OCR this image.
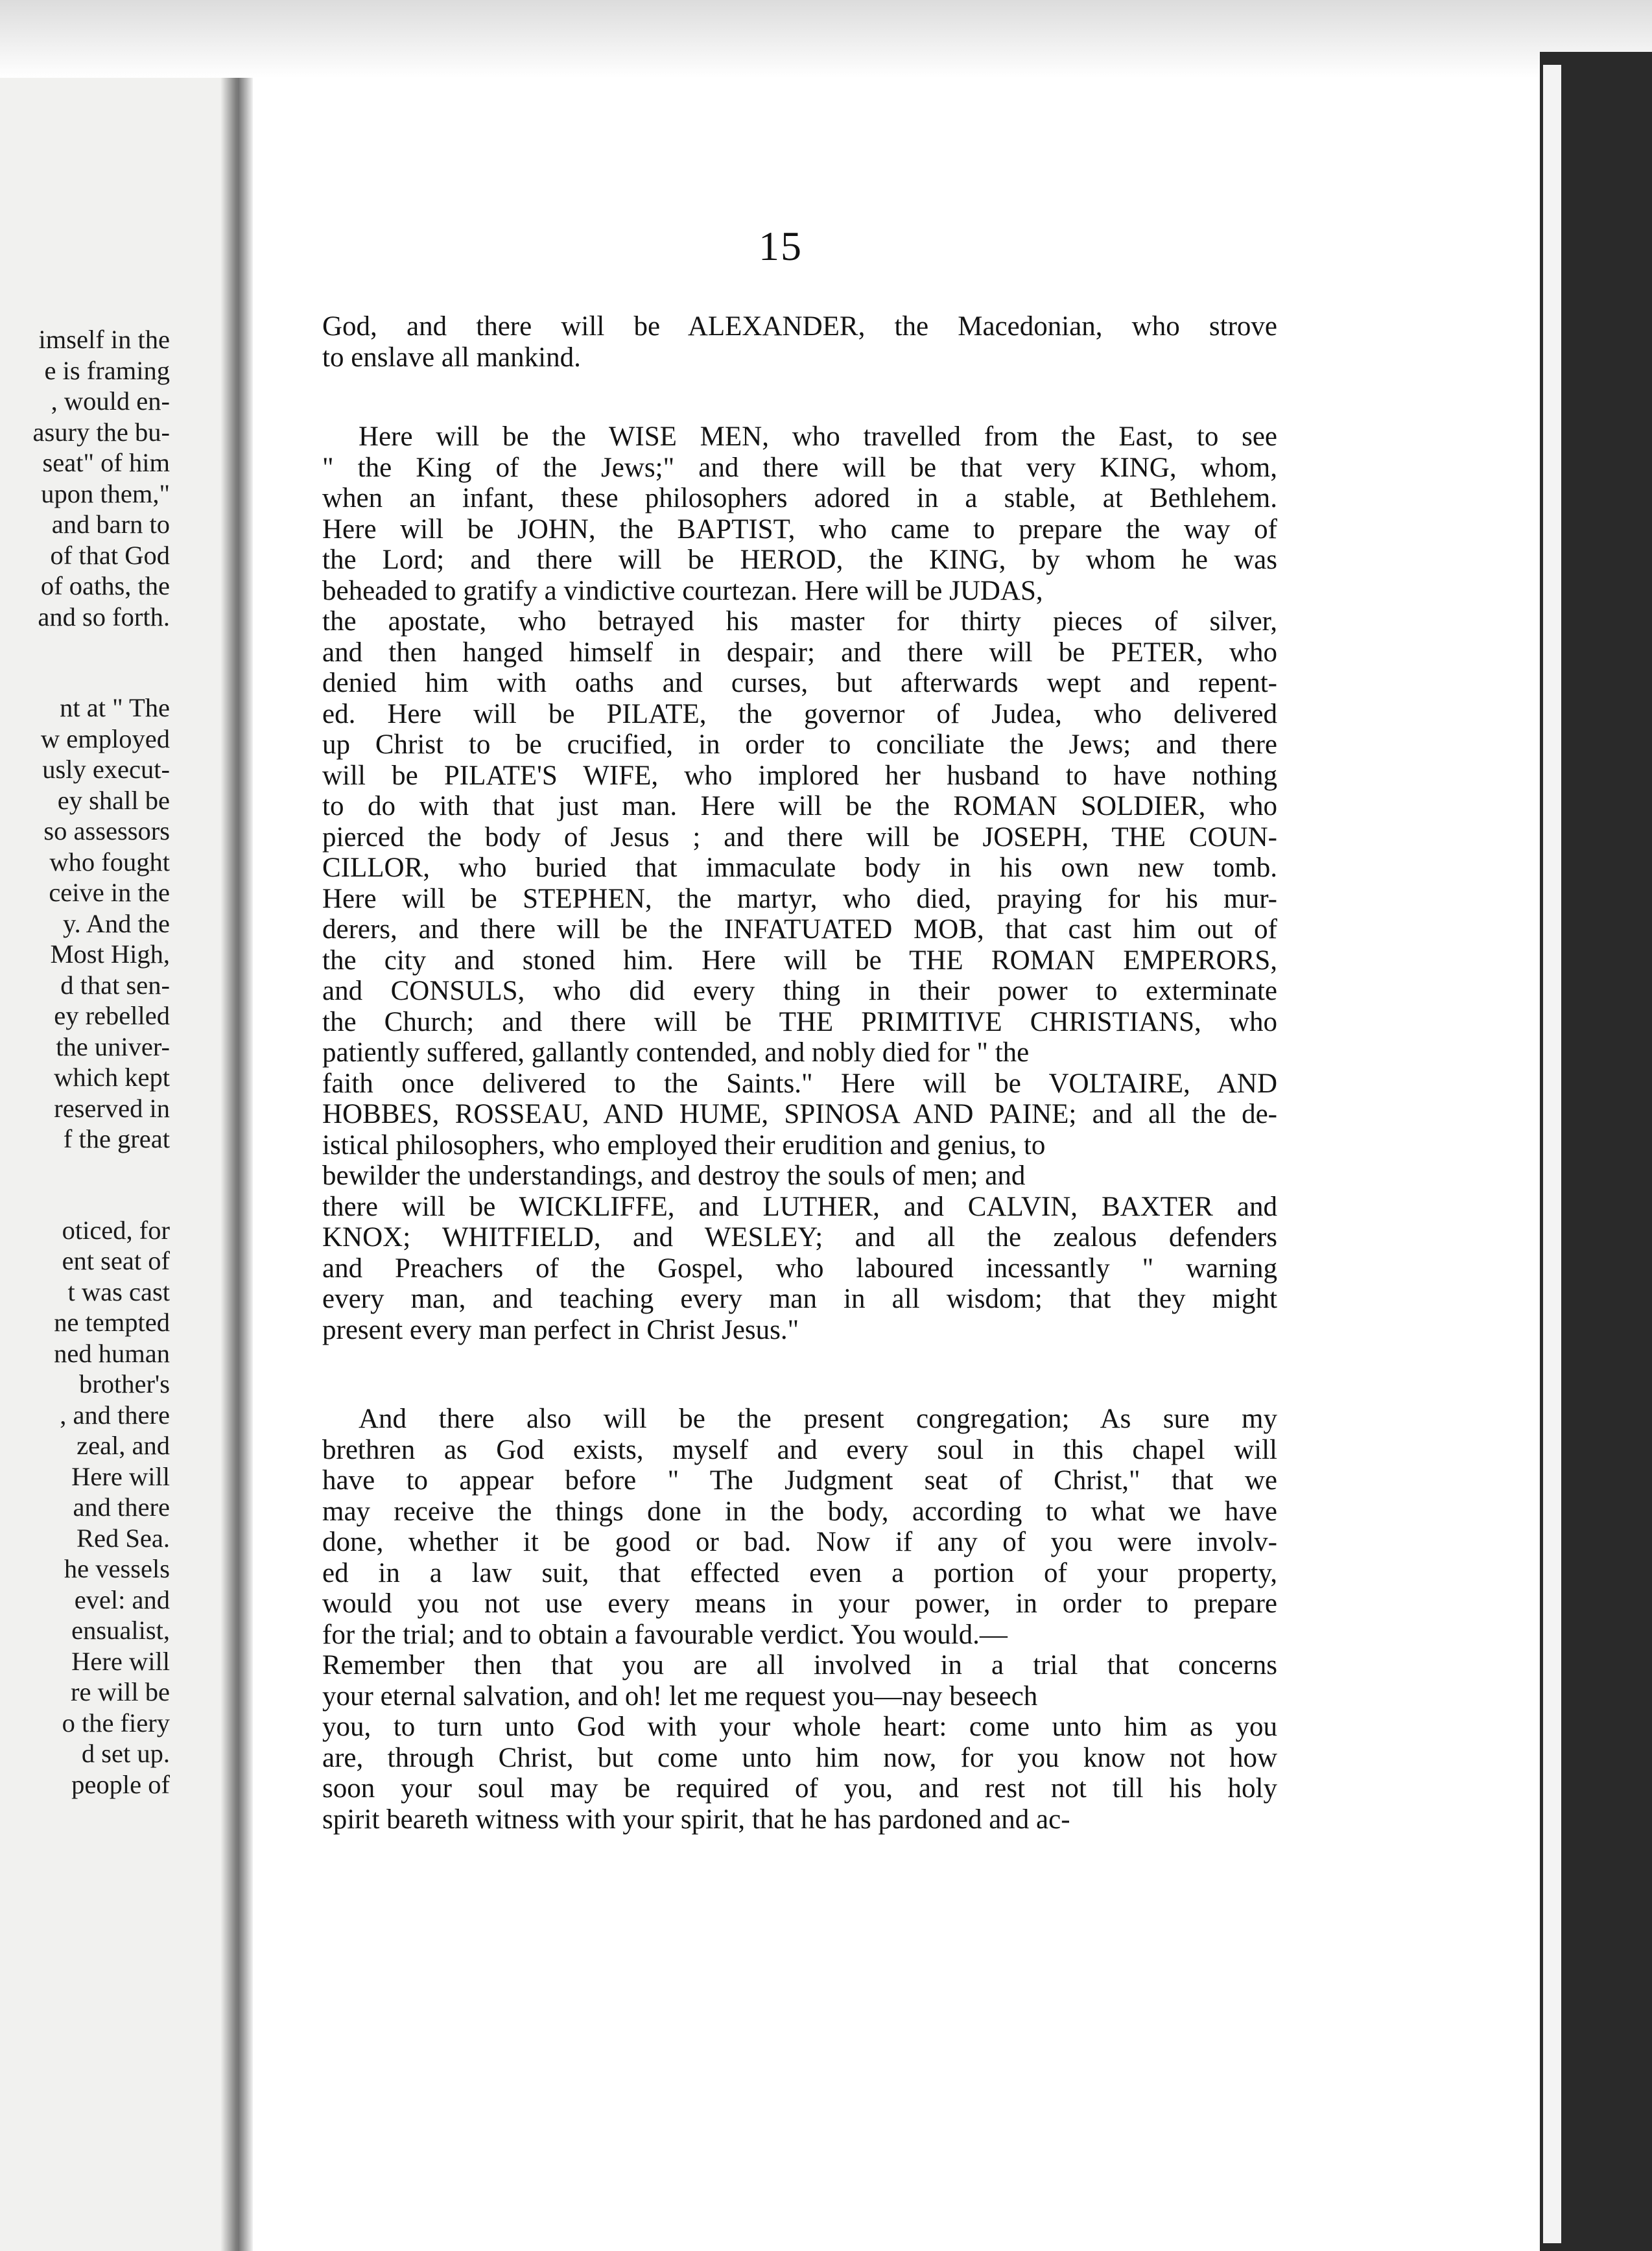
imself in the
e is framing
, would en-
asury the bu-
seat" of him
upon them,"
and barn to
of that God
of oaths, the
and so forth.
nt at " The
w employed
usly execut-
ey shall be
so assessors
who fought
ceive in the
y. And the
Most High,
d that sen-
ey rebelled
the univer-
which kept
reserved in
f the great
oticed, for
ent seat of
t was cast
ne tempted
ned human
brother's
, and there
zeal, and
Here will
and there
Red Sea.
he vessels
evel: and
ensualist,
Here will
re will be
o the fiery
d set up.
people of
15
God, and there will be ALEXANDER, the Macedonian, who strove
to enslave all mankind.
Here will be the WISE MEN, who travelled from the East, to see
" the King of the Jews;" and there will be that very KING, whom,
when an infant, these philosophers adored in a stable, at Bethlehem.
Here will be JOHN, the BAPTIST, who came to prepare the way of
the Lord; and there will be HEROD, the KING, by whom he was
beheaded to gratify a vindictive courtezan. Here will be JUDAS,
the apostate, who betrayed his master for thirty pieces of silver,
and then hanged himself in despair; and there will be PETER, who
denied him with oaths and curses, but afterwards wept and repent-
ed. Here will be PILATE, the governor of Judea, who delivered
up Christ to be crucified, in order to conciliate the Jews; and there
will be PILATE'S WIFE, who implored her husband to have nothing
to do with that just man. Here will be the ROMAN SOLDIER, who
pierced the body of Jesus ; and there will be JOSEPH, THE COUN-
CILLOR, who buried that immaculate body in his own new tomb.
Here will be STEPHEN, the martyr, who died, praying for his mur-
derers, and there will be the INFATUATED MOB, that cast him out of
the city and stoned him. Here will be THE ROMAN EMPERORS,
and CONSULS, who did every thing in their power to exterminate
the Church; and there will be THE PRIMITIVE CHRISTIANS, who
patiently suffered, gallantly contended, and nobly died for " the
faith once delivered to the Saints." Here will be VOLTAIRE, AND
HOBBES, ROSSEAU, AND HUME, SPINOSA AND PAINE; and all the de-
istical philosophers, who employed their erudition and genius, to
bewilder the understandings, and destroy the souls of men; and
there will be WICKLIFFE, and LUTHER, and CALVIN, BAXTER and
KNOX; WHITFIELD, and WESLEY; and all the zealous defenders
and Preachers of the Gospel, who laboured incessantly " warning
every man, and teaching every man in all wisdom; that they might
present every man perfect in Christ Jesus."
And there also will be the present congregation; As sure my
brethren as God exists, myself and every soul in this chapel will
have to appear before " The Judgment seat of Christ," that we
may receive the things done in the body, according to what we have
done, whether it be good or bad. Now if any of you were involv-
ed in a law suit, that effected even a portion of your property,
would you not use every means in your power, in order to prepare
for the trial; and to obtain a favourable verdict. You would.—
Remember then that you are all involved in a trial that concerns
your eternal salvation, and oh! let me request you—nay beseech
you, to turn unto God with your whole heart: come unto him as you
are, through Christ, but come unto him now, for you know not how
soon your soul may be required of you, and rest not till his holy
spirit beareth witness with your spirit, that he has pardoned and ac-
